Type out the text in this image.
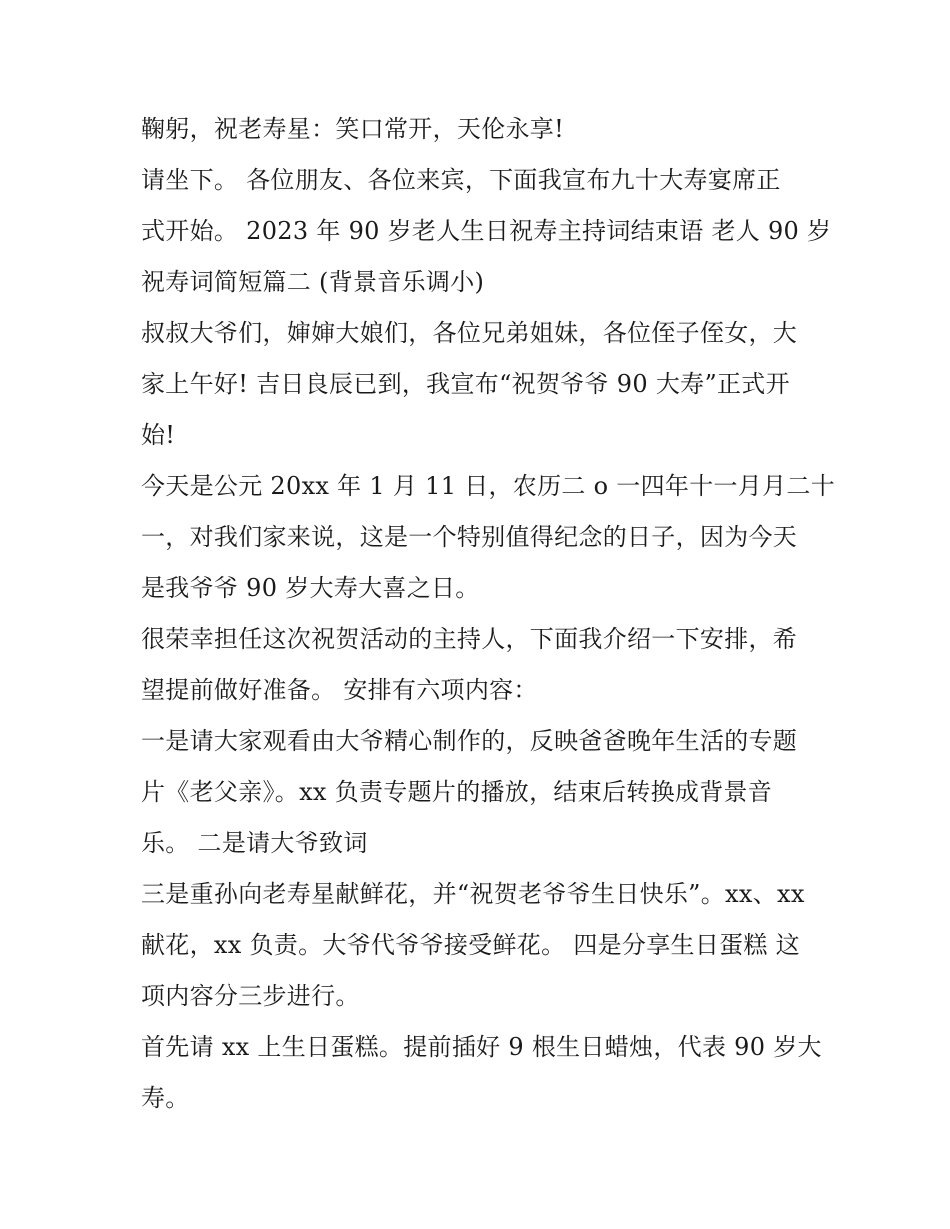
鞠躬，祝老寿星：笑口常开，天伦永享!
请坐下。 各位朋友、各位来宾，下面我宣布九十大寿宴席正
式开始。 2023 年 90 岁老人生日祝寿主持词结束语 老人 90 岁
祝寿词简短篇二 (背景音乐调小)
叔叔大爷们，婶婶大娘们，各位兄弟姐妹，各位侄子侄女，大
家上午好! 吉日良辰已到，我宣布“祝贺爷爷 90 大寿”正式开
始!
今天是公元 20xx 年 1 月 11 日，农历二 o 一四年十一月月二十
一，对我们家来说，这是一个特别值得纪念的日子，因为今天
是我爷爷 90 岁大寿大喜之日。
很荣幸担任这次祝贺活动的主持人，下面我介绍一下安排，希
望提前做好准备。 安排有六项内容：
一是请大家观看由大爷精心制作的，反映爸爸晚年生活的专题
片《老父亲》。xx 负责专题片的播放，结束后转换成背景音
乐。 二是请大爷致词
三是重孙向老寿星献鲜花，并“祝贺老爷爷生日快乐”。xx、xx
献花，xx 负责。大爷代爷爷接受鲜花。 四是分享生日蛋糕 这
项内容分三步进行。
首先请 xx 上生日蛋糕。提前插好 9 根生日蜡烛，代表 90 岁大
寿。
